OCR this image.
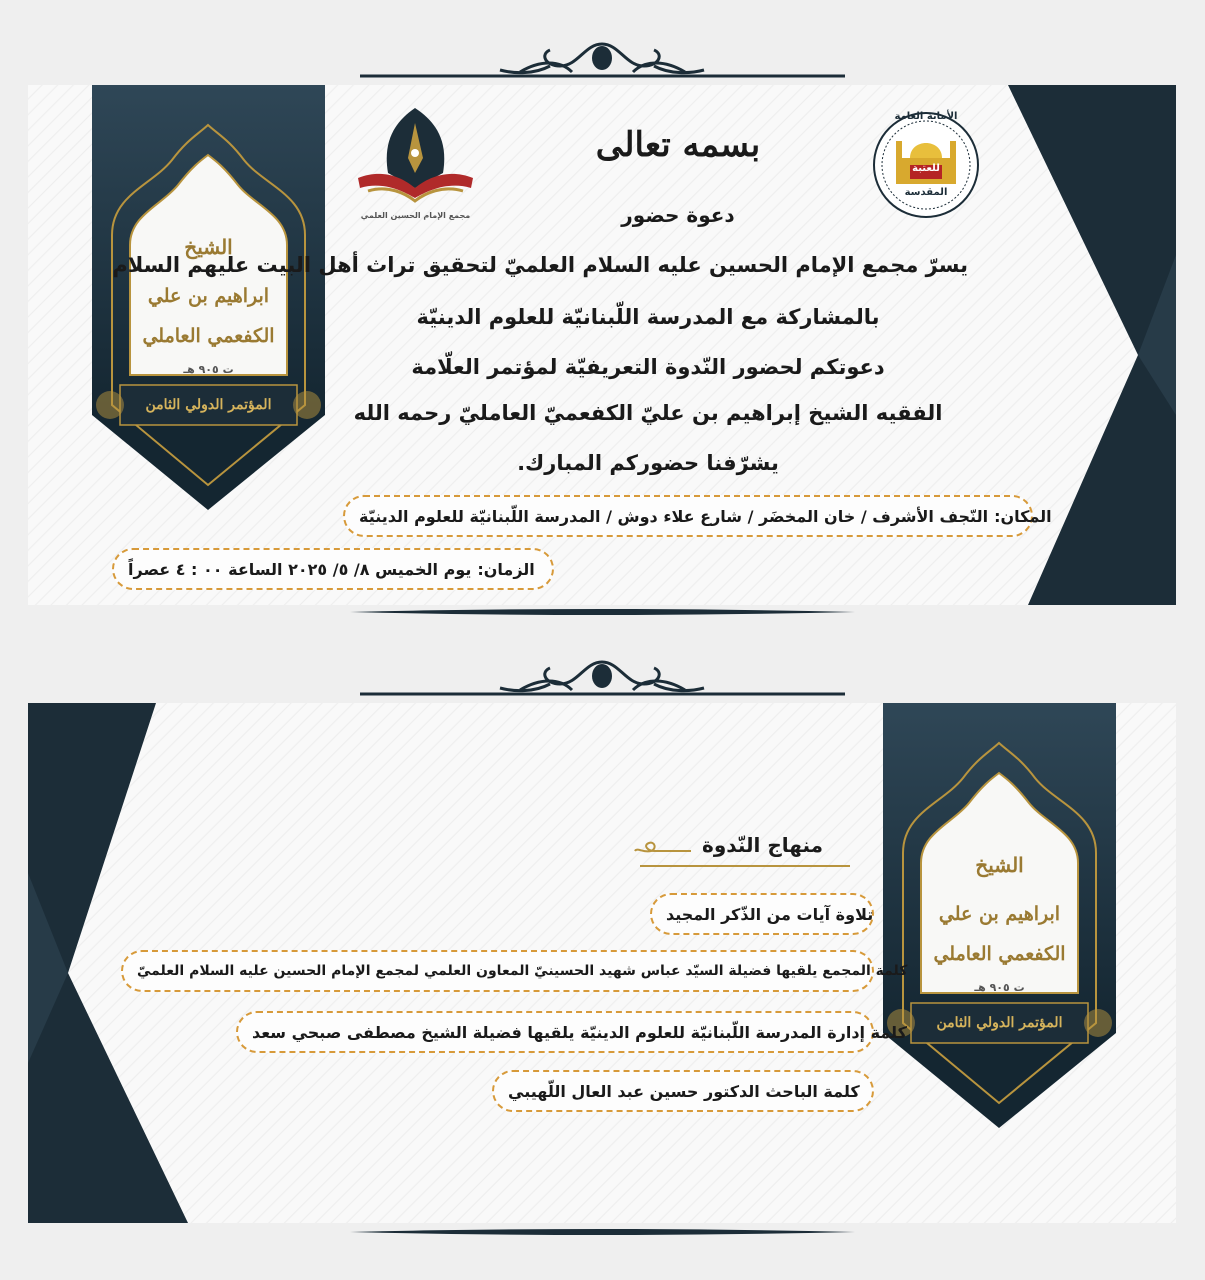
الشيخ
ابراهيم بن علي
الكفعمي العاملي
ت ٩٠٥ هـ
المؤتمر الدولي الثامن
مجمع الإمام الحسين العلمي
الأمانة العامة
للعتبة
المقدسة
بسمه تعالى
دعوة حضور
يسرّ مجمع الإمام الحسين عليه السلام العلميّ لتحقيق تراث أهل البيت عليهم السلام
بالمشاركة مع المدرسة اللّبنانيّة للعلوم الدينيّة
دعوتكم لحضور النّدوة التعريفيّة لمؤتمر العلّامة
الفقيه الشيخ إبراهيم بن عليّ الكفعميّ العامليّ رحمه الله
يشرّفنا حضوركم المبارك.
المكان:
النّجف الأشرف / خان المخضَر / شارع علاء دوش / المدرسة اللّبنانيّة للعلوم الدينيّة
الزمان:
يوم الخميس ٨/ ٥/ ٢٠٢٥ الساعة ٠٠ : ٤ عصراً
الشيخ
ابراهيم بن علي
الكفعمي العاملي
ت ٩٠٥ هـ
المؤتمر الدولي الثامن
منهاج النّدوة
تلاوة آيات من الذّكر المجيد
كلمة المجمع يلقيها فضيلة السيّد عباس شهيد الحسينيّ المعاون العلمي لمجمع الإمام الحسين عليه السلام العلميّ
كلمة إدارة المدرسة اللّبنانيّة للعلوم الدينيّة يلقيها فضيلة الشيخ مصطفى صبحي سعد
كلمة الباحث الدكتور حسين عبد العال اللّهيبي
